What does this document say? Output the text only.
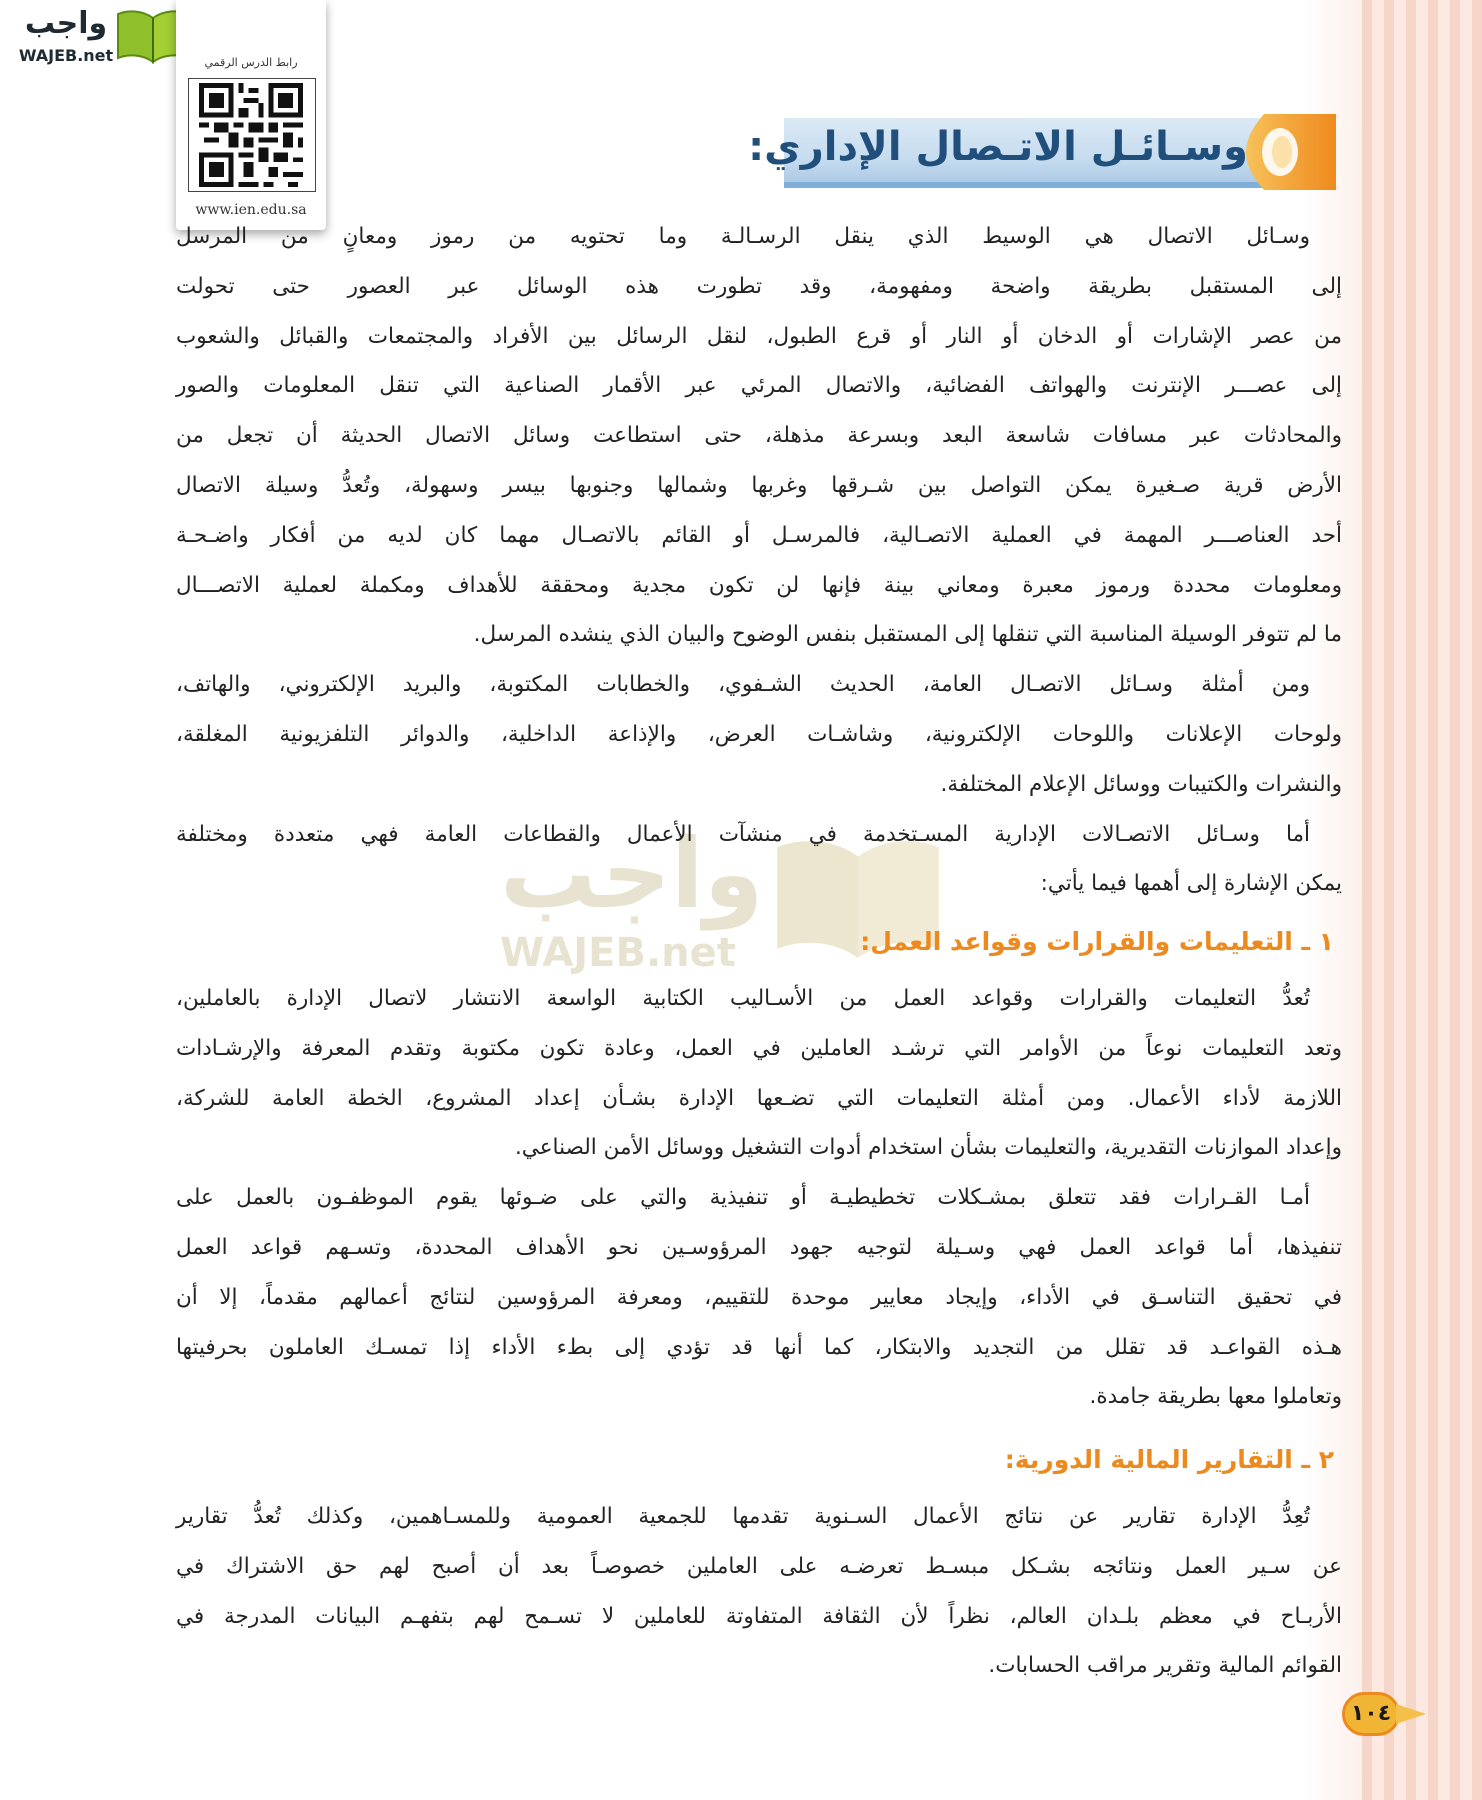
واجب
WAJEB.net	رابط الدرس الرقمي
www.ien.edu.sa
وسـائـل الاتـصال الإداري:
واجب
WAJEB.net
وسـائل الاتصال هي الوسيط الذي ينقل الرسـالـة وما تحتويه من رموز ومعانٍ من المرسل
إلى المستقبل بطريقة واضحة ومفهومة، وقد تطورت هذه الوسائل عبر العصور حتى تحولت
من عصر الإشارات أو الدخان أو النار أو قرع الطبول، لنقل الرسائل بين الأفراد والمجتمعات والقبائل والشعوب
إلى عصـــر الإنترنت والهواتف الفضائية، والاتصال المرئي عبر الأقمار الصناعية التي تنقل المعلومات والصور
والمحادثات عبر مسافات شاسعة البعد وبسرعة مذهلة، حتى استطاعت وسائل الاتصال الحديثة أن تجعل من
الأرض قرية صـغيرة يمكن التواصل بين شـرقها وغربها وشمالها وجنوبها بيسر وسهولة، وتُعدُّ وسيلة الاتصال
أحد العناصـــر المهمة في العملية الاتصـالية، فالمرسـل أو القائم بالاتصـال مهما كان لديه من أفكار واضـحـة
ومعلومات محددة ورموز معبرة ومعاني بينة فإنها لن تكون مجدية ومحققة للأهداف ومكملة لعملية الاتصـــال
ما لم تتوفر الوسيلة المناسبة التي تنقلها إلى المستقبل بنفس الوضوح والبيان الذي ينشده المرسل.
ومن أمثلة وسـائل الاتصـال العامة، الحديث الشـفوي، والخطابات المكتوبة، والبريد الإلكتروني، والهاتف،
ولوحات الإعلانات واللوحات الإلكترونية، وشاشـات العرض، والإذاعة الداخلية، والدوائر التلفزيونية المغلقة،
والنشرات والكتيبات ووسائل الإعلام المختلفة.
أما وسـائل الاتصـالات الإدارية المسـتخدمة في منشآت الأعمال والقطاعات العامة فهي متعددة ومختلفة
يمكن الإشارة إلى أهمها فيما يأتي:
١ ـ التعليمات والقرارات وقواعد العمل:
تُعدُّ التعليمات والقرارات وقواعد العمل من الأسـاليب الكتابية الواسعة الانتشار لاتصال الإدارة بالعاملين،
وتعد التعليمات نوعاً من الأوامر التي ترشـد العاملين في العمل، وعادة تكون مكتوبة وتقدم المعرفة والإرشـادات
اللازمة لأداء الأعمال. ومن أمثلة التعليمات التي تضـعها الإدارة بشـأن إعداد المشروع، الخطة العامة للشركة،
وإعداد الموازنات التقديرية، والتعليمات بشأن استخدام أدوات التشغيل ووسائل الأمن الصناعي.
أمـا القـرارات فقد تتعلق بمشـكلات تخطيطيـة أو تنفيذية والتي على ضـوئها يقوم الموظفـون بالعمل على
تنفيذها، أما قواعد العمل فهي وسـيلة لتوجيه جهود المرؤوسـين نحو الأهداف المحددة، وتسـهم قواعد العمل
في تحقيق التناسـق في الأداء، وإيجاد معايير موحدة للتقييم، ومعرفة المرؤوسين لنتائج أعمالهم مقدماً، إلا أن
هـذه القواعـد قد تقلل من التجديد والابتكار، كما أنها قد تؤدي إلى بطء الأداء إذا تمسـك العاملون بحرفيتها
وتعاملوا معها بطريقة جامدة.
٢ ـ التقارير المالية الدورية:
تُعِدُّ الإدارة تقارير عن نتائج الأعمال السـنوية تقدمها للجمعية العمومية وللمسـاهمين، وكذلك تُعدُّ تقارير
عن سـير العمل ونتائجه بشـكل مبسـط تعرضـه على العاملين خصوصـاً بعد أن أصبح لهم حق الاشتراك في
الأربـاح في معظم بلـدان العالم، نظراً لأن الثقافة المتفاوتة للعاملين لا تسـمح لهم بتفهـم البيانات المدرجة في
القوائم المالية وتقرير مراقب الحسابات.
١٠٤
